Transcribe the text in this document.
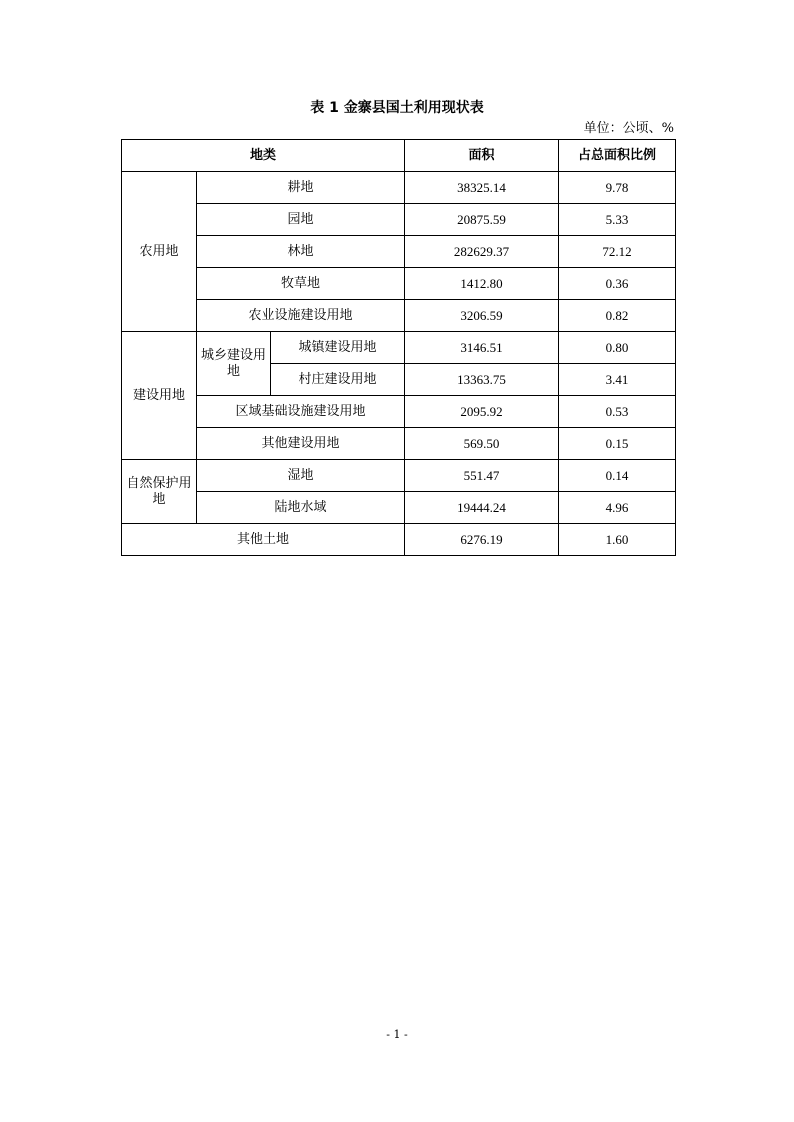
表 1 金寨县国土利用现状表
单位：公顷、%
地类			面积	占总面积比例
农用地	耕地		38325.14	9.78
	园地		20875.59	5.33
	林地		282629.37	72.12
	牧草地		1412.80	0.36
	农业设施建设用地		3206.59	0.82
建设用地	城乡建设用地	城镇建设用地	3146.51	0.80
		村庄建设用地	13363.75	3.41
	区域基础设施建设用地		2095.92	0.53
	其他建设用地		569.50	0.15
自然保护用地	湿地		551.47	0.14
	陆地水域		19444.24	4.96
其他土地			6276.19	1.60
- 1 -
